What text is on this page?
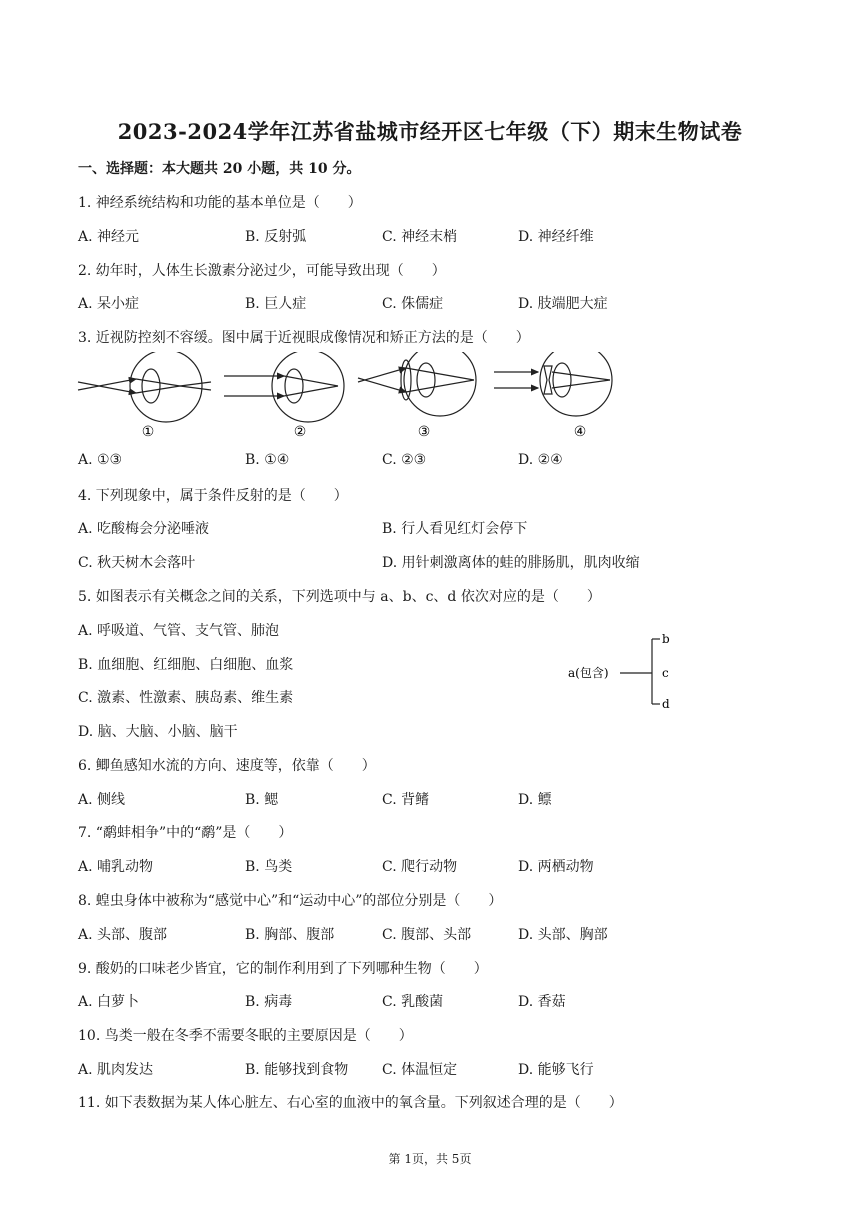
2023-2024学年江苏省盐城市经开区七年级（下）期末生物试卷
一、选择题：本大题共 20 小题，共 10 分。
1. 神经系统结构和功能的基本单位是（　　）
A. 神经元	B. 反射弧	C. 神经末梢	D. 神经纤维
2. 幼年时，人体生长激素分泌过少，可能导致出现（　　）
A. 呆小症	B. 巨人症	C. 侏儒症	D. 肢端肥大症
3. 近视防控刻不容缓。图中属于近视眼成像情况和矫正方法的是（　　）
①	②	③	④
A. ①③	B. ①④	C. ②③	D. ②④
4. 下列现象中，属于条件反射的是（　　）
A. 吃酸梅会分泌唾液	B. 行人看见红灯会停下
C. 秋天树木会落叶	D. 用针刺激离体的蛙的腓肠肌，肌肉收缩
5. 如图表示有关概念之间的关系，下列选项中与 a、b、c、d 依次对应的是（　　）
A. 呼吸道、气管、支气管、肺泡
B. 血细胞、红细胞、白细胞、血浆
C. 激素、性激素、胰岛素、维生素
D. 脑、大脑、小脑、脑干
a(包含)
b
c
d
6. 鲫鱼感知水流的方向、速度等，依靠（　　）
A. 侧线	B. 鳃	C. 背鳍	D. 鳔
7. “鹬蚌相争”中的“鹬”是（　　）
A. 哺乳动物	B. 鸟类	C. 爬行动物	D. 两栖动物
8. 蝗虫身体中被称为“感觉中心”和“运动中心”的部位分别是（　　）
A. 头部、腹部	B. 胸部、腹部	C. 腹部、头部	D. 头部、胸部
9. 酸奶的口味老少皆宜，它的制作利用到了下列哪种生物（　　）
A. 白萝卜	B. 病毒	C. 乳酸菌	D. 香菇
10. 鸟类一般在冬季不需要冬眠的主要原因是（　　）
A. 肌肉发达	B. 能够找到食物 C. 体温恒定	D. 能够飞行
11. 如下表数据为某人体心脏左、右心室的血液中的氧含量。下列叙述合理的是（　　）
第 1页，共 5页
